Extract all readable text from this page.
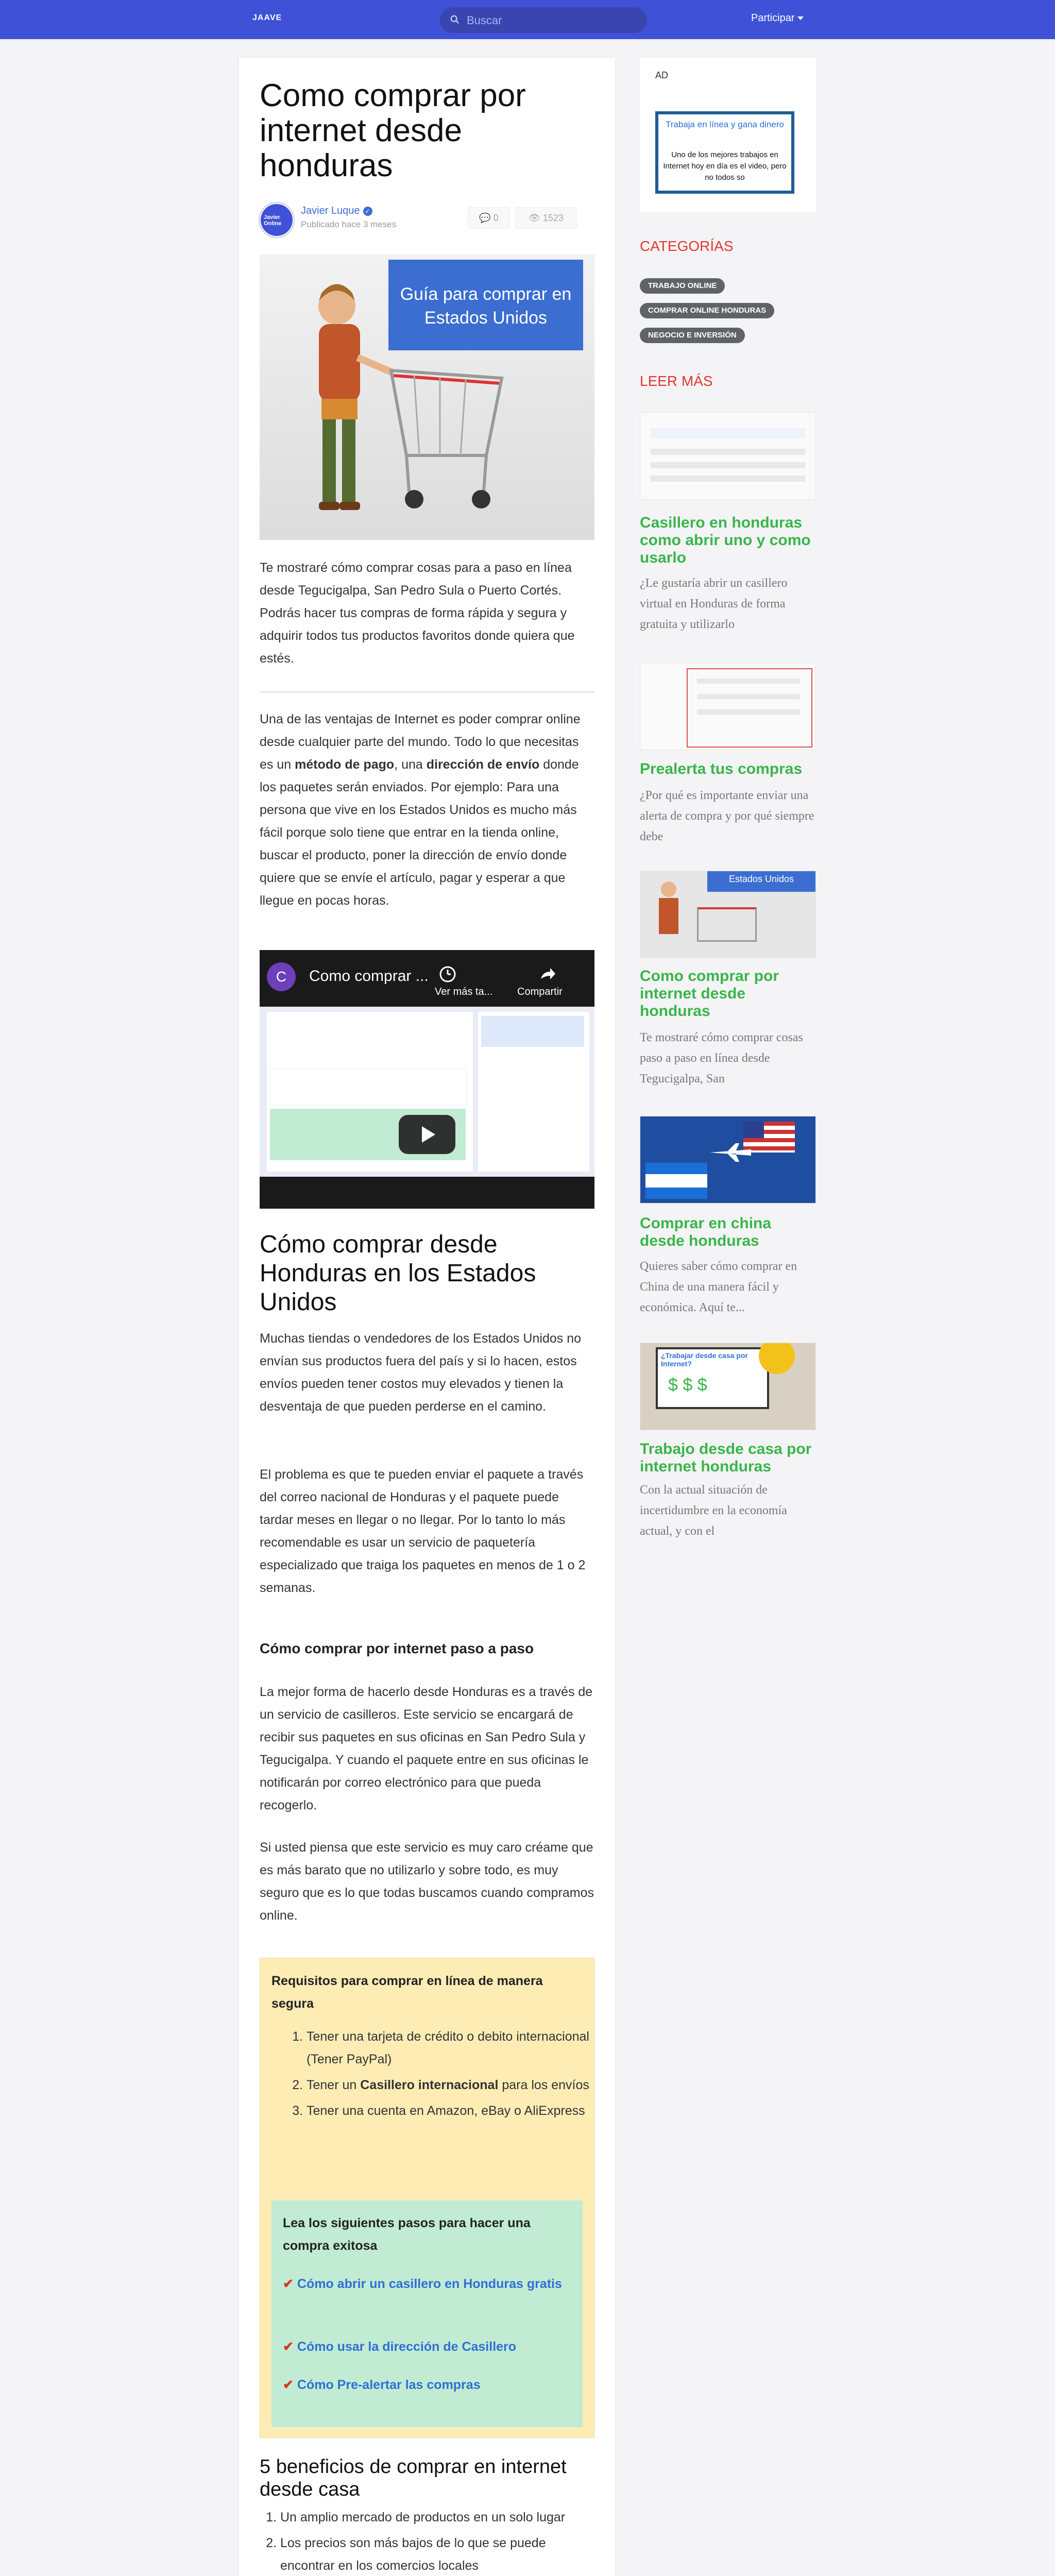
JAAVE	Buscar	Participar
Como comprar por internet desde honduras
Javier Online
Javier Luque ✓
Publicado hace 3 meses
💬 0	👁 1523
Guía para comprar en Estados Unidos

Te mostraré cómo comprar cosas para a paso en línea desde Tegucigalpa, San Pedro Sula o Puerto Cortés. Podrás hacer tus compras de forma rápida y segura y adquirir todos tus productos favoritos donde quiera que estés.

Una de las ventajas de Internet es poder comprar online desde cualquier parte del mundo. Todo lo que necesitas es un método de pago, una dirección de envío donde los paquetes serán enviados. Por ejemplo: Para una persona que vive en los Estados Unidos es mucho más fácil porque solo tiene que entrar en la tienda online, buscar el producto, poner la dirección de envío donde quiere que se envíe el artículo, pagar y esperar a que llegue en pocas horas.

C	Como comprar ...
Ver más ta... Compartir
Cómo comprar desde Honduras en los Estados Unidos

Muchas tiendas o vendedores de los Estados Unidos no envían sus productos fuera del país y si lo hacen, estos envíos pueden tener costos muy elevados y tienen la desventaja de que pueden perderse en el camino.

El problema es que te pueden enviar el paquete a través del correo nacional de Honduras y el paquete puede tardar meses en llegar o no llegar. Por lo tanto lo más recomendable es usar un servicio de paquetería especializado que traiga los paquetes en menos de 1 o 2 semanas.

Cómo comprar por internet paso a paso

La mejor forma de hacerlo desde Honduras es a través de un servicio de casilleros. Este servicio se encargará de recibir sus paquetes en sus oficinas en San Pedro Sula y Tegucigalpa. Y cuando el paquete entre en sus oficinas le notificarán por correo electrónico para que pueda recogerlo.

Si usted piensa que este servicio es muy caro créame que es más barato que no utilizarlo y sobre todo, es muy seguro que es lo que todas buscamos cuando compramos online.

Requisitos para comprar en línea de manera segura
1. Tener una tarjeta de crédito o debito internacional (Tener PayPal)
2. Tener un Casillero internacional para los envíos
3. Tener una cuenta en Amazon, eBay o AliExpress
Lea los siguientes pasos para hacer una compra exitosa
✔ Cómo abrir un casillero en Honduras gratis
✔ Cómo usar la dirección de Casillero
✔ Cómo Pre-alertar las compras
5 beneficios de comprar en internet desde casa
1. Un amplio mercado de productos en un solo lugar
2. Los precios son más bajos de lo que se puede encontrar en los comercios locales

AD
Trabaja en línea y gana dinero
Uno de los mejores trabajos en Internet hoy en día es el video, pero no todos so
CATEGORÍAS
TRABAJO ONLINE
COMPRAR ONLINE HONDURAS
NEGOCIO E INVERSIÓN
LEER MÁS
Casillero en honduras como abrir uno y como usarlo
¿Le gustaría abrir un casillero virtual en Honduras de forma gratuita y utilizarlo
Prealerta tus compras
¿Por qué es importante enviar una alerta de compra y por qué siempre debe
Estados Unidos
Como comprar por internet desde honduras
Te mostraré cómo comprar cosas paso a paso en línea desde Tegucigalpa, San
Comprar en china desde honduras
Quieres saber cómo comprar en China de una manera fácil y económica. Aquí te...
¿Trabajar desde casa por Internet?
$ $ $
Trabajo desde casa por internet honduras
Con la actual situación de incertidumbre en la economía actual, y con el
